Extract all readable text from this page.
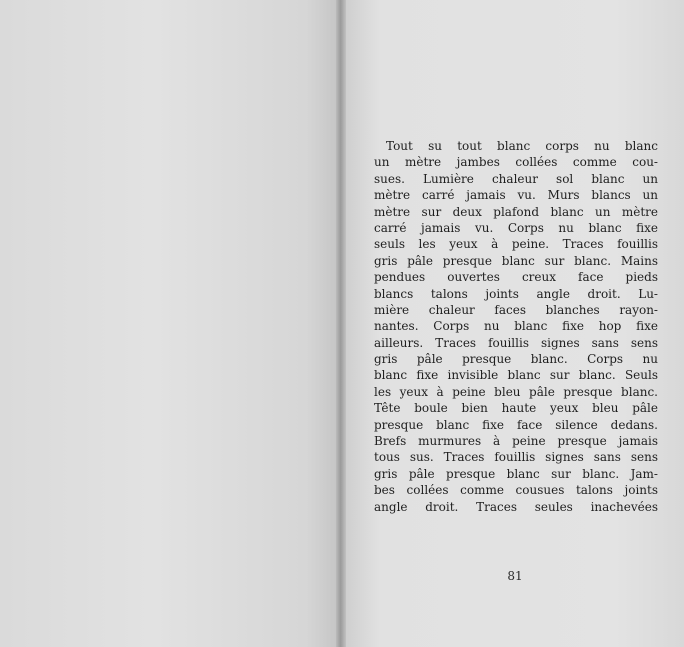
Tout su tout blanc corps nu blanc
un mètre jambes collées comme cou-
sues. Lumière chaleur sol blanc un
mètre carré jamais vu. Murs blancs un
mètre sur deux plafond blanc un mètre
carré jamais vu. Corps nu blanc fixe
seuls les yeux à peine. Traces fouillis
gris pâle presque blanc sur blanc. Mains
pendues ouvertes creux face pieds
blancs talons joints angle droit. Lu-
mière chaleur faces blanches rayon-
nantes. Corps nu blanc fixe hop fixe
ailleurs. Traces fouillis signes sans sens
gris pâle presque blanc. Corps nu
blanc fixe invisible blanc sur blanc. Seuls
les yeux à peine bleu pâle presque blanc.
Tête boule bien haute yeux bleu pâle
presque blanc fixe face silence dedans.
Brefs murmures à peine presque jamais
tous sus. Traces fouillis signes sans sens
gris pâle presque blanc sur blanc. Jam-
bes collées comme cousues talons joints
angle droit. Traces seules inachevées
81
